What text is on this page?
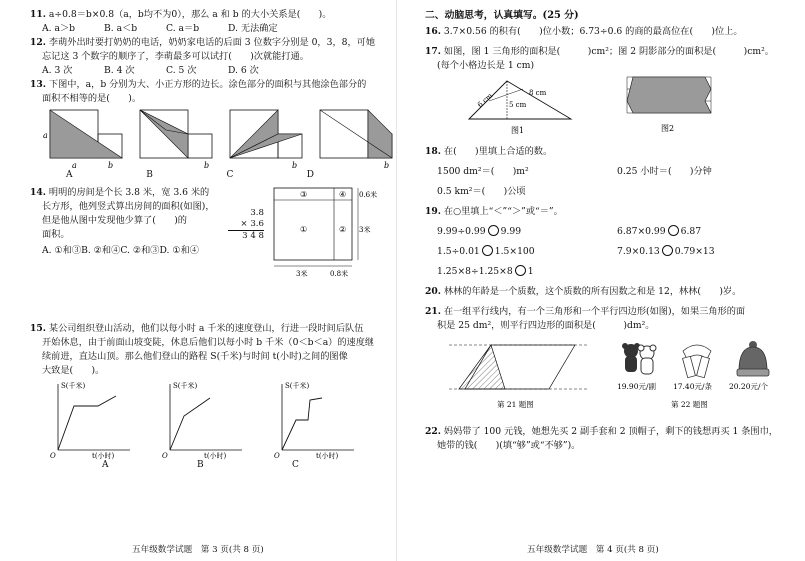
11. a÷0.8＝b×0.8（a，b均不为0），那么 a 和 b 的大小关系是(　　)。
A. a＞b	B. a＜b	C. a＝b	D. 无法确定
12. 李萌外出时要打奶奶的电话，奶奶家电话的后面 3 位数字分别是 0，3，8，可她
忘记这 3 个数字的顺序了，李萌最多可以试打(　　)次就能打通。
A. 3 次	B. 4 次	C. 5 次	D. 6 次
13. 下图中，a，b 分别为大、小正方形的边长。涂色部分的面积与其他涂色部分的
面积不相等的是(　　)。
a
a	b	b	b	b
A	B	C	D
14. 明明的房间是个长 3.8 米，宽 3.6 米的
长方形，他列竖式算出房间的面积(如图)，
但是他从图中发现他少算了(　　)的
面积。
3.8
× 3.6
3 4 8
A. ①和③ B. ②和④ C. ②和③ D. ①和④
③	④
①	②
0.6米
3米
3米	0.8米
15. 某公司组织登山活动，他们以每小时 a 千米的速度登山，行进一段时间后队伍
开始休息，由于前面山坡变陡，休息后他们以每小时 b 千米（0＜b＜a）的速度继
续前进，直达山顶。那么他们登山的路程 S(千米)与时间 t(小时)之间的图像
大致是(　　)。
S(千米)
t(小时)
O
S(千米)
t(小时)
O
S(千米)
t(小时)
O
A	B	C
五年级数学试题　第 3 页(共 8 页)
二、动脑思考，认真填写。(25 分)
16. 3.7×0.56 的积有(　　)位小数；6.73÷0.6 的商的最高位在(　　)位上。
17. 如图，图 1 三角形的面积是(　　　)cm²；图 2 阴影部分的面积是(　　　)cm²。
(每个小格边长是 1 cm)
8 cm
6 cm 5 cm
图1	图2
18. 在(　　)里填上合适的数。
1500 dm²＝(　　)m²	0.25 小时＝(　　)分钟
0.5 km²＝(　　)公顷
19. 在○里填上“＜”“＞”或“＝”。
9.99÷0.99 9.99	6.87×0.99 6.87
1.5÷0.01 1.5×100	7.9×0.13 0.79×13
1.25×8÷1.25×8 1
20. 林林的年龄是一个质数，这个质数的所有因数之和是 12，林林(　　)岁。
21. 在一组平行线内，有一个三角形和一个平行四边形(如图)，如果三角形的面
积是 25 dm²，则平行四边形的面积是(　　　)dm²。
第 21 题图
19.90元/副 17.40元/条 20.20元/个
第 22 题图
22. 妈妈带了 100 元钱，她想先买 2 副手套和 2 顶帽子，剩下的钱想再买 1 条围巾，
她带的钱(　　)(填“够”或“不够”)。
五年级数学试题　第 4 页(共 8 页)
